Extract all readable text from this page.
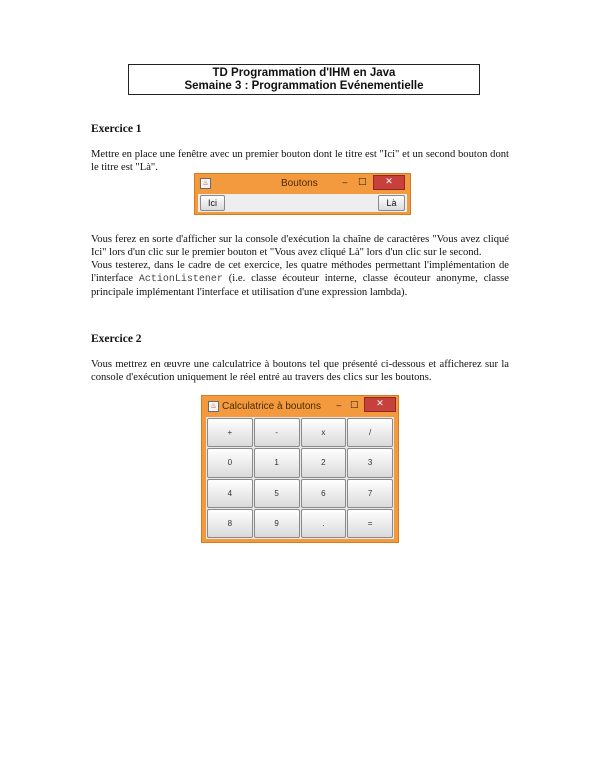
TD Programmation d'IHM en Java
Semaine 3 : Programmation Evénementielle
Exercice 1

Mettre en place une fenêtre avec un premier bouton dont le titre est "Ici" et un second bouton dont le titre est "Là".

♨	Boutons	‒ □	✕
Ici	Là

Vous ferez en sorte d'afficher sur la console d'exécution la chaîne de caractères "Vous avez cliqué Ici" lors d'un clic sur le premier bouton et "Vous avez cliqué Là" lors d'un clic sur le second.

Vous testerez, dans le cadre de cet exercice, les quatre méthodes permettant l'implémentation de l'interface ActionListener (i.e. classe écouteur interne, classe écouteur anonyme, classe principale implémentant l'interface et utilisation d'une expression lambda).

Exercice 2

Vous mettrez en œuvre une calculatrice à boutons tel que présenté ci-dessous et afficherez sur la console d'exécution uniquement le réel entré au travers des clics sur les boutons.

♨ Calculatrice à boutons ‒ □	✕
+	-	x	/
0	1	2	3
4	5	6	7
8	9	.	=
